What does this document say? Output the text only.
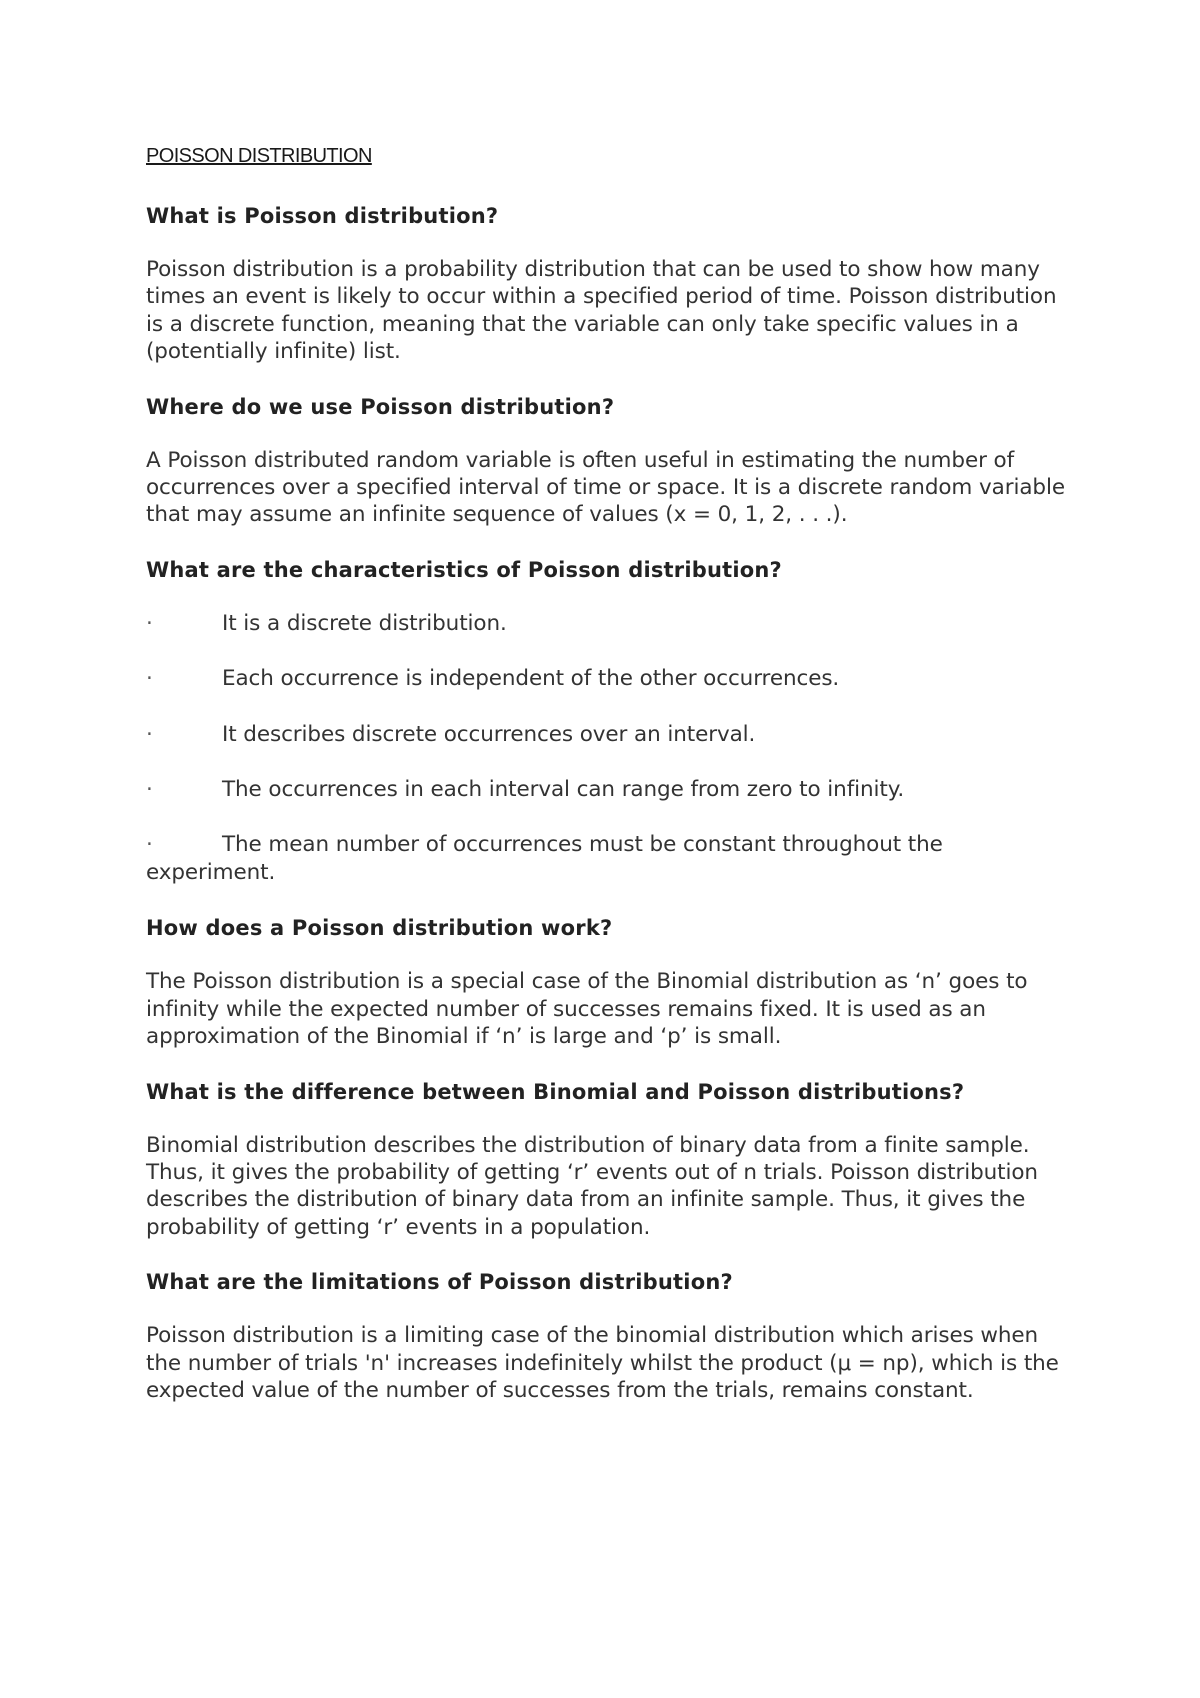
POISSON DISTRIBUTION
What is Poisson distribution?
Poisson distribution is a probability distribution that can be used to show how many times an event is likely to occur within a specified period of time. Poisson distribution is a discrete function, meaning that the variable can only take specific values in a (potentially infinite) list.
Where do we use Poisson distribution?
A Poisson distributed random variable is often useful in estimating the number of occurrences over a specified interval of time or space. It is a discrete random variable that may assume an infinite sequence of values (x = 0, 1, 2, . . .).
What are the characteristics of Poisson distribution?
·	It is a discrete distribution.
·	Each occurrence is independent of the other occurrences.
·	It describes discrete occurrences over an interval.
·	The occurrences in each interval can range from zero to infinity.
·	The mean number of occurrences must be constant throughout the experiment.
How does a Poisson distribution work?
The Poisson distribution is a special case of the Binomial distribution as ‘n’ goes to infinity while the expected number of successes remains fixed. It is used as an approximation of the Binomial if ‘n’ is large and ‘p’ is small.
What is the difference between Binomial and Poisson distributions?
Binomial distribution describes the distribution of binary data from a finite sample. Thus, it gives the probability of getting ‘r’ events out of n trials. Poisson distribution describes the distribution of binary data from an infinite sample. Thus, it gives the probability of getting ‘r’ events in a population.
What are the limitations of Poisson distribution?
Poisson distribution is a limiting case of the binomial distribution which arises when the number of trials 'n' increases indefinitely whilst the product (μ = np), which is the expected value of the number of successes from the trials, remains constant.
